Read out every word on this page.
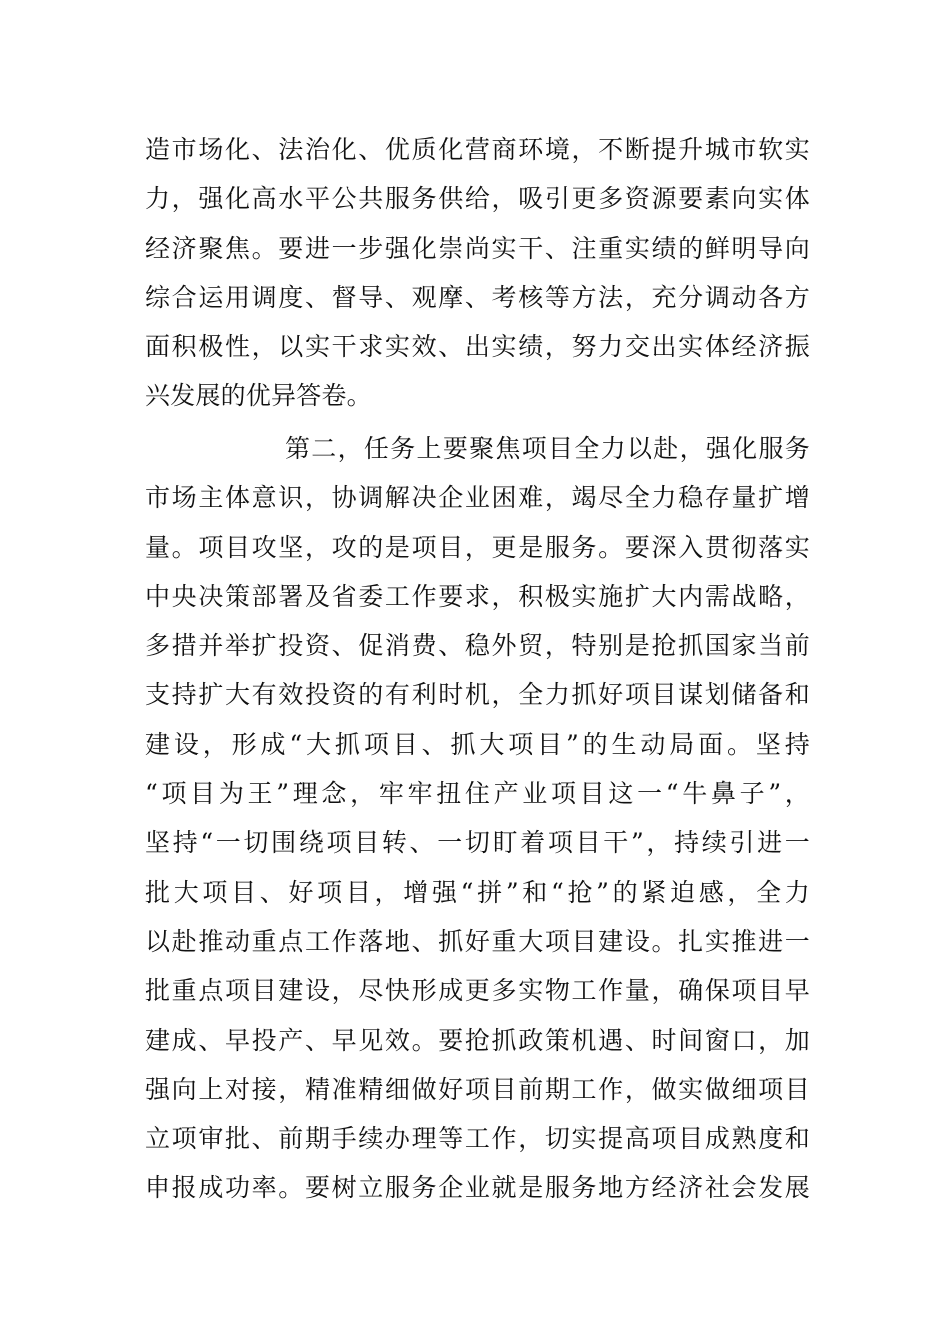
造市场化、法治化、优质化营商环境，不断提升城市软实
力，强化高水平公共服务供给，吸引更多资源要素向实体
经济聚焦。要进一步强化崇尚实干、注重实绩的鲜明导向
综合运用调度、督导、观摩、考核等方法，充分调动各方
面积极性，以实干求实效、出实绩，努力交出实体经济振
兴发展的优异答卷。
第二，任务上要聚焦项目全力以赴，强化服务
市场主体意识，协调解决企业困难，竭尽全力稳存量扩增
量。项目攻坚，攻的是项目，更是服务。要深入贯彻落实
中央决策部署及省委工作要求，积极实施扩大内需战略，
多措并举扩投资、促消费、稳外贸，特别是抢抓国家当前
支持扩大有效投资的有利时机，全力抓好项目谋划储备和
建设，形成“大抓项目、抓大项目”的生动局面。坚持
“项目为王”理念，牢牢扭住产业项目这一“牛鼻子”，
坚持“一切围绕项目转、一切盯着项目干”，持续引进一
批大项目、好项目，增强“拼”和“抢”的紧迫感，全力
以赴推动重点工作落地、抓好重大项目建设。扎实推进一
批重点项目建设，尽快形成更多实物工作量，确保项目早
建成、早投产、早见效。要抢抓政策机遇、时间窗口，加
强向上对接，精准精细做好项目前期工作，做实做细项目
立项审批、前期手续办理等工作，切实提高项目成熟度和
申报成功率。要树立服务企业就是服务地方经济社会发展
